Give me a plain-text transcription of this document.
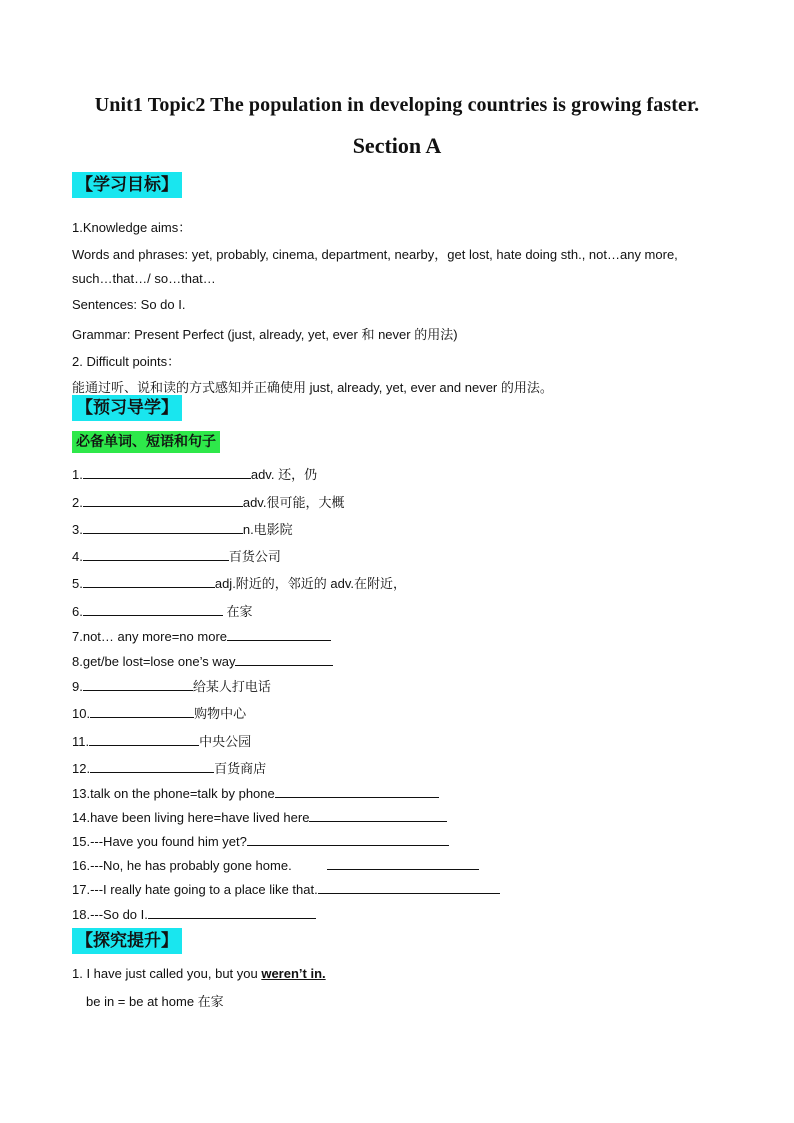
Unit1 Topic2 The population in developing countries is growing faster.
Section A
【学习目标】
1.Knowledge aims：
Words and phrases: yet, probably, cinema, department, nearby，get lost, hate doing sth., not…any more,
such…that…/ so…that…
Sentences: So do I.
Grammar: Present Perfect (just, already, yet, ever 和 never 的用法)
2. Difficult points：
能通过听、说和读的方式感知并正确使用 just, already, yet, ever and never 的用法。
【预习导学】
必备单词、短语和句子
1.	adv. 还，仍
2.	adv.很可能，大概
3.	n.电影院
4.	百货公司
5.	adj.附近的，邻近的 adv.在附近，
6.	在家
7.not… any more=no more
8.get/be lost=lose one’s way
9.	给某人打电话
10.	购物中心
11.	中央公园
12.	百货商店
13.talk on the phone=talk by phone
14.have been living here=have lived here
15.---Have you found him yet?
16.---No, he has probably gone home.
17.---I really hate going to a place like that.
18.---So do I.
【探究提升】
1. I have just called you, but you weren’t in.
be in = be at home 在家
